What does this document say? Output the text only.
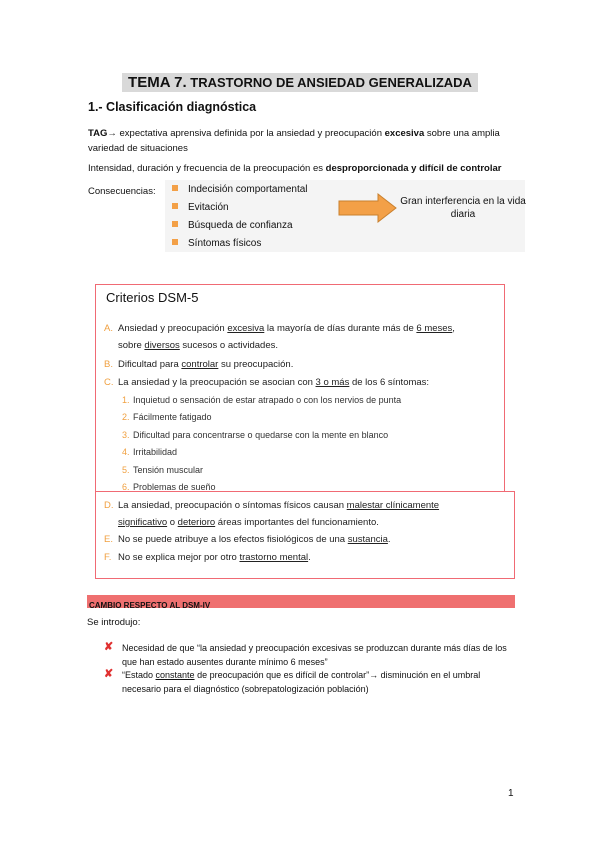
TEMA 7. TRASTORNO DE ANSIEDAD GENERALIZADA
1.- Clasificación diagnóstica
TAG→ expectativa aprensiva definida por la ansiedad y preocupación excesiva sobre una amplia variedad de situaciones
Intensidad, duración y frecuencia de la preocupación es desproporcionada y difícil de controlar
Consecuencias:	Indecisión comportamental
Evitación
Búsqueda de confianza
Síntomas físicos
Gran interferencia en la vida diaria
Criterios DSM-5
A. Ansiedad y preocupación excesiva la mayoría de días durante más de 6 meses,
sobre diversos sucesos o actividades.
B. Dificultad para controlar su preocupación.
C. La ansiedad y la preocupación se asocian con 3 o más de los 6 síntomas:
1. Inquietud o sensación de estar atrapado o con los nervios de punta
2. Fácilmente fatigado
3. Dificultad para concentrarse o quedarse con la mente en blanco
4. Irritabilidad
5. Tensión muscular
6. Problemas de sueño
D. La ansiedad, preocupación o síntomas físicos causan malestar clínicamente
significativo o deterioro áreas importantes del funcionamiento.
E. No se puede atribuye a los efectos fisiológicos de una sustancia.
F. No se explica mejor por otro trastorno mental.
CAMBIO RESPECTO AL DSM-IV
Se introdujo:
✘ Necesidad de que “la ansiedad y preocupación excesivas se produzcan durante más días de los que han estado ausentes durante mínimo 6 meses”
✘ “Estado constante de preocupación que es difícil de controlar”→ disminución en el umbral necesario para el diagnóstico (sobrepatologización población)
1
